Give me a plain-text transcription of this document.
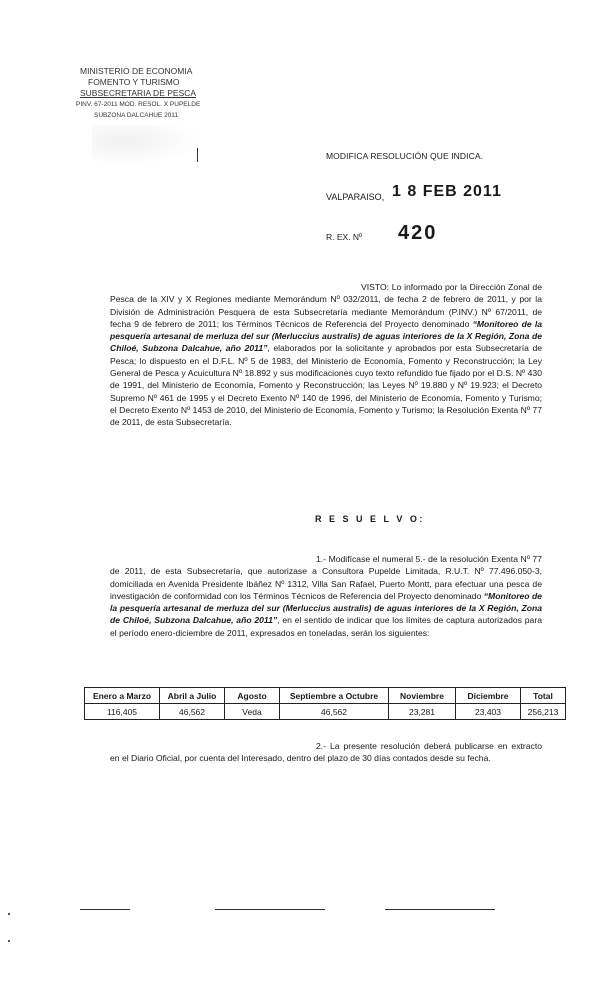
MINISTERIO DE ECONOMIA
FOMENTO Y TURISMO
SUBSECRETARIA DE PESCA
PINV. 67-2011 MOD. RESOL. X PUPELDE
SUBZONA DALCAHUE 2011
MODIFICA RESOLUCIÓN QUE INDICA.
VALPARAISO, 1 8 FEB 2011
R. EX. Nº 420
VISTO: Lo informado por la Dirección Zonal de Pesca de la XIV y X Regiones mediante Memorándum Nº 032/2011, de fecha 2 de febrero de 2011, y por la División de Administración Pesquera de esta Subsecretaría mediante Memorándum (P.INV.) Nº 67/2011, de fecha 9 de febrero de 2011; los Términos Técnicos de Referencia del Proyecto denominado “Monitoreo de la pesquería artesanal de merluza del sur (Merluccius australis) de aguas interiores de la X Región, Zona de Chiloé, Subzona Dalcahue, año 2011”, elaborados por la solicitante y aprobados por esta Subsecretaría de Pesca; lo dispuesto en el D.F.L. Nº 5 de 1983, del Ministerio de Economía, Fomento y Reconstrucción; la Ley General de Pesca y Acuicultura Nº 18.892 y sus modificaciones cuyo texto refundido fue fijado por el D.S. Nº 430 de 1991, del Ministerio de Economía, Fomento y Reconstrucción; las Leyes Nº 19.880 y Nº 19.923; el Decreto Supremo Nº 461 de 1995 y el Decreto Exento Nº 140 de 1996, del Ministerio de Economía, Fomento y Turismo; el Decreto Exento Nº 1453 de 2010, del Ministerio de Economía, Fomento y Turismo; la Resolución Exenta Nº 77 de 2011, de esta Subsecretaría.
R E S U E L V O:
1.- Modifícase el numeral 5.- de la resolución Exenta Nº 77 de 2011, de esta Subsecretaría, que autorizase a Consultora Pupelde Limitada, R.U.T. Nº 77.496.050-3, domiciliada en Avenida Presidente Ibáñez Nº 1312, Villa San Rafael, Puerto Montt, para efectuar una pesca de investigación de conformidad con los Términos Técnicos de Referencia del Proyecto denominado “Monitoreo de la pesquería artesanal de merluza del sur (Merluccius australis) de aguas interiores de la X Región, Zona de Chiloé, Subzona Dalcahue, año 2011”, en el sentido de indicar que los límites de captura autorizados para el período enero-diciembre de 2011, expresados en toneladas, serán los siguientes:
Enero a Marzo	Abril a Julio	Agosto	Septiembre a Octubre	Noviembre	Diciembre	Total
116,405	46,562	Veda	46,562	23,281	23,403	256,213
2.- La presente resolución deberá publicarse en extracto en el Diario Oficial, por cuenta del Interesado, dentro del plazo de 30 días contados desde su fecha.
